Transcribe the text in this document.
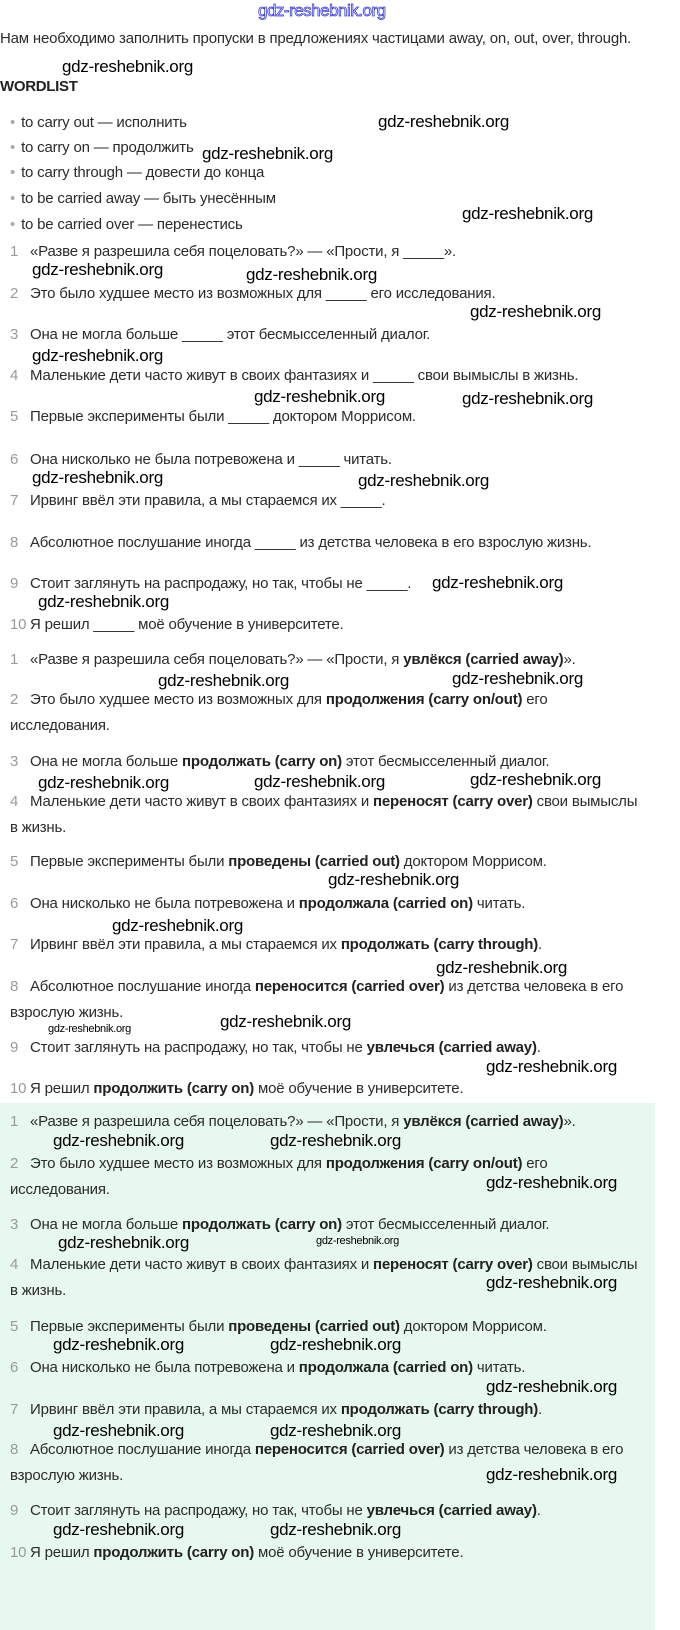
gdz-reshebnik.org
Нам необходимо заполнить пропуски в предложениях частицами away, on, out, over, through.
WORDLIST
• to carry out — исполнить
• to carry on — продолжить
• to carry through — довести до конца
• to be carried away — быть унесённым
• to be carried over — перенестись
1 «Разве я разрешила себя поцеловать?» — «Прости, я _____».
2 Это было худшее место из возможных для _____ его исследования.
3 Она не могла больше _____ этот бесмысселенный диалог.
4 Маленькие дети часто живут в своих фантазиях и _____ свои вымыслы в жизнь.
5 Первые эксперименты были _____ доктором Моррисом.
6 Она нисколько не была потревожена и _____ читать.
7 Ирвинг ввёл эти правила, а мы стараемся их _____.
8 Абсолютное послушание иногда _____ из детства человека в его взрослую жизнь.
9 Стоит заглянуть на распродажу, но так, чтобы не _____.
10 Я решил _____ моё обучение в университете.
1 «Разве я разрешила себя поцеловать?» — «Прости, я увлёкся (carried away)».
2 Это было худшее место из возможных для продолжения (carry on/out) его исследования.
3 Она не могла больше продолжать (carry on) этот бесмысселенный диалог.
4 Маленькие дети часто живут в своих фантазиях и переносят (carry over) свои вымыслы в жизнь.
5 Первые эксперименты были проведены (carried out) доктором Моррисом.
6 Она нисколько не была потревожена и продолжала (carried on) читать.
7 Ирвинг ввёл эти правила, а мы стараемся их продолжать (carry through).
8 Абсолютное послушание иногда переносится (carried over) из детства человека в его взрослую жизнь.
9 Стоит заглянуть на распродажу, но так, чтобы не увлечься (carried away).
10 Я решил продолжить (carry on) моё обучение в университете.
1 «Разве я разрешила себя поцеловать?» — «Прости, я увлёкся (carried away)».
2 Это было худшее место из возможных для продолжения (carry on/out) его исследования.
3 Она не могла больше продолжать (carry on) этот бесмысселенный диалог.
4 Маленькие дети часто живут в своих фантазиях и переносят (carry over) свои вымыслы в жизнь.
5 Первые эксперименты были проведены (carried out) доктором Моррисом.
6 Она нисколько не была потревожена и продолжала (carried on) читать.
7 Ирвинг ввёл эти правила, а мы стараемся их продолжать (carry through).
8 Абсолютное послушание иногда переносится (carried over) из детства человека в его взрослую жизнь.
9 Стоит заглянуть на распродажу, но так, чтобы не увлечься (carried away).
10 Я решил продолжить (carry on) моё обучение в университете.
gdz-reshebnik.org
gdz-reshebnik.org
gdz-reshebnik.org
gdz-reshebnik.org
gdz-reshebnik.org	gdz-reshebnik.org
gdz-reshebnik.org
gdz-reshebnik.org
gdz-reshebnik.org	gdz-reshebnik.org
gdz-reshebnik.org	gdz-reshebnik.org
gdz-reshebnik.org
gdz-reshebnik.org
gdz-reshebnik.org	gdz-reshebnik.org
gdz-reshebnik.org	gdz-reshebnik.org
gdz-reshebnik.org
gdz-reshebnik.org
gdz-reshebnik.org
gdz-reshebnik.org
gdz-reshebnik.org
gdz-reshebnik.org
gdz-reshebnik.org
gdz-reshebnik.org	gdz-reshebnik.org
gdz-reshebnik.org
gdz-reshebnik.org	gdz-reshebnik.org
gdz-reshebnik.org
gdz-reshebnik.org	gdz-reshebnik.org
gdz-reshebnik.org
gdz-reshebnik.org	gdz-reshebnik.org
gdz-reshebnik.org
gdz-reshebnik.org	gdz-reshebnik.org
